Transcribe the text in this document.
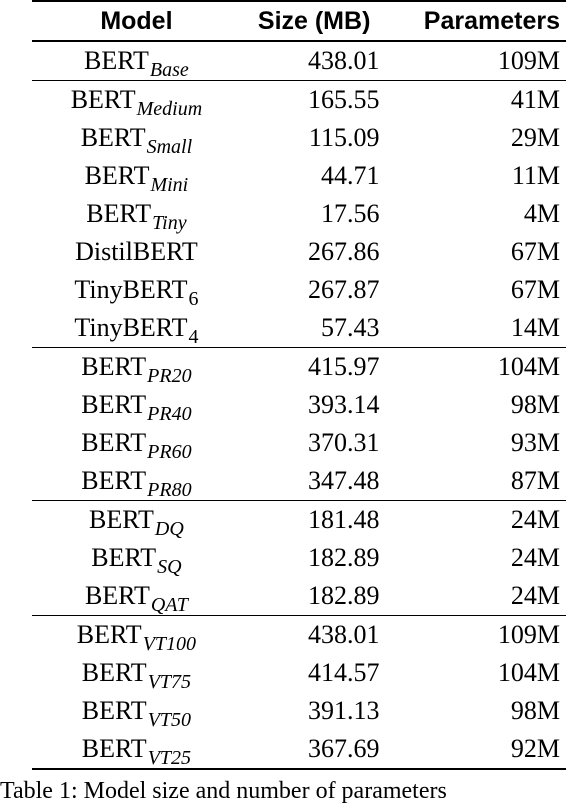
Model	Size (MB)	Parameters
$BERT_{Base}$	438.01	109M
$BERT_{Medium}$	165.55	41M
$BERT_{Small}$	115.09	29M
$BERT_{Mini}$	44.71	11M
$BERT_{Tiny}$	17.56	4M
DistilBERT	267.86	67M
TinyBERT$_6$	267.87	67M
TinyBERT$_4$	57.43	14M
$BERT_{PR20}$	415.97	104M
$BERT_{PR40}$	393.14	98M
$BERT_{PR60}$	370.31	93M
$BERT_{PR80}$	347.48	87M
$BERT_{DQ}$	181.48	24M
$BERT_{SQ}$	182.89	24M
$BERT_{QAT}$	182.89	24M
$BERT_{VT100}$	438.01	109M
$BERT_{VT75}$	414.57	104M
$BERT_{VT50}$	391.13	98M
$BERT_{VT25}$	367.69	92M
Table 1: Model size and number of parameters
